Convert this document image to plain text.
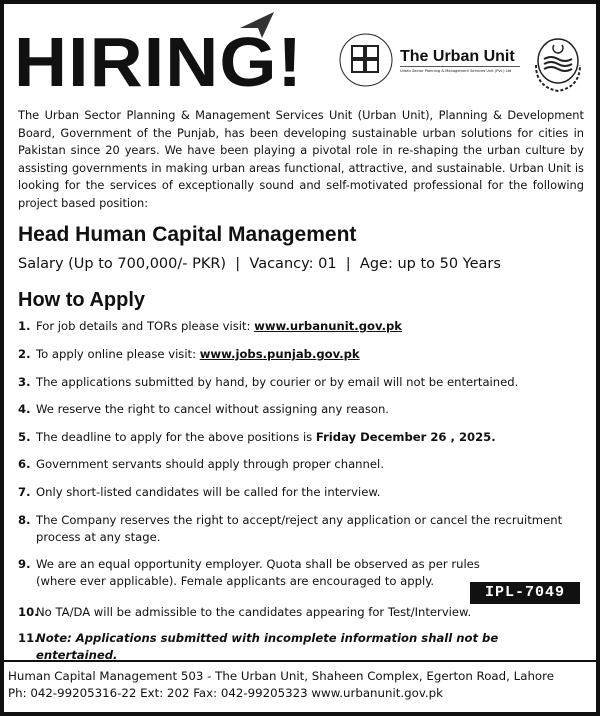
HIRING!	The Urban Unit
Urban Sector Planning & Management Services Unit (Pvt.) Ltd
The Urban Sector Planning & Management Services Unit (Urban Unit), Planning & Development Board, Government of the Punjab, has been developing sustainable urban solutions for cities in Pakistan since 20 years. We have been playing a pivotal role in re-shaping the urban culture by assisting governments in making urban areas functional, attractive, and sustainable. Urban Unit is looking for the services of exceptionally sound and self-motivated professional for the following project based position:
Head Human Capital Management
Salary (Up to 700,000/- PKR) | Vacancy: 01 | Age: up to 50 Years
How to Apply
1. For job details and TORs please visit: www.urbanunit.gov.pk
2. To apply online please visit: www.jobs.punjab.gov.pk
3. The applications submitted by hand, by courier or by email will not be entertained.
4. We reserve the right to cancel without assigning any reason.
5. The deadline to apply for the above positions is Friday December 26 , 2025.
6. Government servants should apply through proper channel.
7. Only short-listed candidates will be called for the interview.
8. The Company reserves the right to accept/reject any application or cancel the recruitment process at any stage.
9. We are an equal opportunity employer. Quota shall be observed as per rules (where ever applicable). Female applicants are encouraged to apply.
10.No TA/DA will be admissible to the candidates appearing for Test/Interview.
11.Note: Applications submitted with incomplete information shall not be entertained.
IPL-7049
Human Capital Management 503 - The Urban Unit, Shaheen Complex, Egerton Road, Lahore
Ph: 042-99205316-22 Ext: 202 Fax: 042-99205323 www.urbanunit.gov.pk
